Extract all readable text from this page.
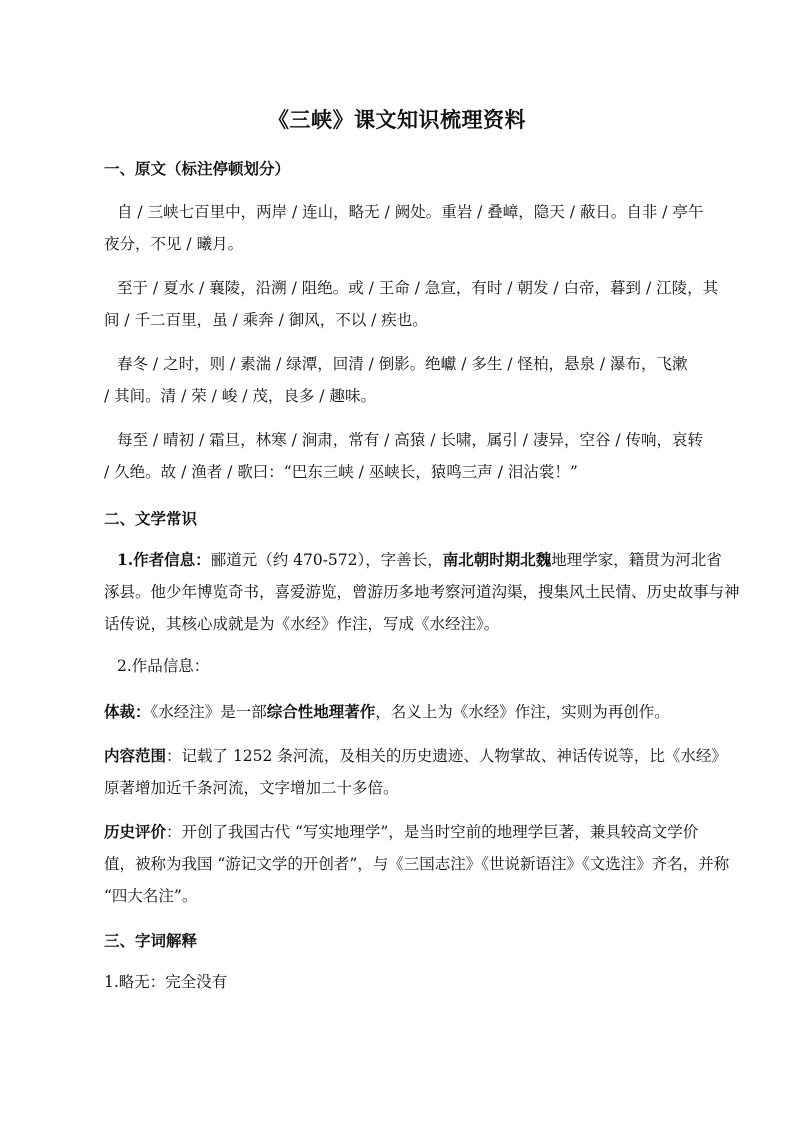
《三峡》课文知识梳理资料
一、原文（标注停顿划分）
自 / 三峡七百里中，两岸 / 连山，略无 / 阙处。重岩 / 叠嶂，隐天 / 蔽日。自非 / 亭午
夜分，不见 / 曦月。
至于 / 夏水 / 襄陵，沿溯 / 阻绝。或 / 王命 / 急宣，有时 / 朝发 / 白帝，暮到 / 江陵，其
间 / 千二百里，虽 / 乘奔 / 御风，不以 / 疾也。
春冬 / 之时，则 / 素湍 / 绿潭，回清 / 倒影。绝巘 / 多生 / 怪柏，悬泉 / 瀑布，飞漱
/ 其间。清 / 荣 / 峻 / 茂，良多 / 趣味。
每至 / 晴初 / 霜旦，林寒 / 涧肃，常有 / 高猿 / 长啸，属引 / 凄异，空谷 / 传响，哀转
/ 久绝。故 / 渔者 / 歌曰：“巴东三峡 / 巫峡长，猿鸣三声 / 泪沾裳！”
二、文学常识
1.作者信息：郦道元（约 470-572），字善长，南北朝时期北魏地理学家，籍贯为河北省
涿县。他少年博览奇书，喜爱游览，曾游历多地考察河道沟渠，搜集风土民情、历史故事与神
话传说，其核心成就是为《水经》作注，写成《水经注》。
2.作品信息：
体裁：《水经注》是一部综合性地理著作，名义上为《水经》作注，实则为再创作。
内容范围：记载了 1252 条河流，及相关的历史遗迹、人物掌故、神话传说等，比《水经》
原著增加近千条河流，文字增加二十多倍。
历史评价：开创了我国古代 “写实地理学”，是当时空前的地理学巨著，兼具较高文学价
值，被称为我国 “游记文学的开创者”，与《三国志注》《世说新语注》《文选注》齐名，并称
“四大名注”。
三、字词解释
1.略无：完全没有
